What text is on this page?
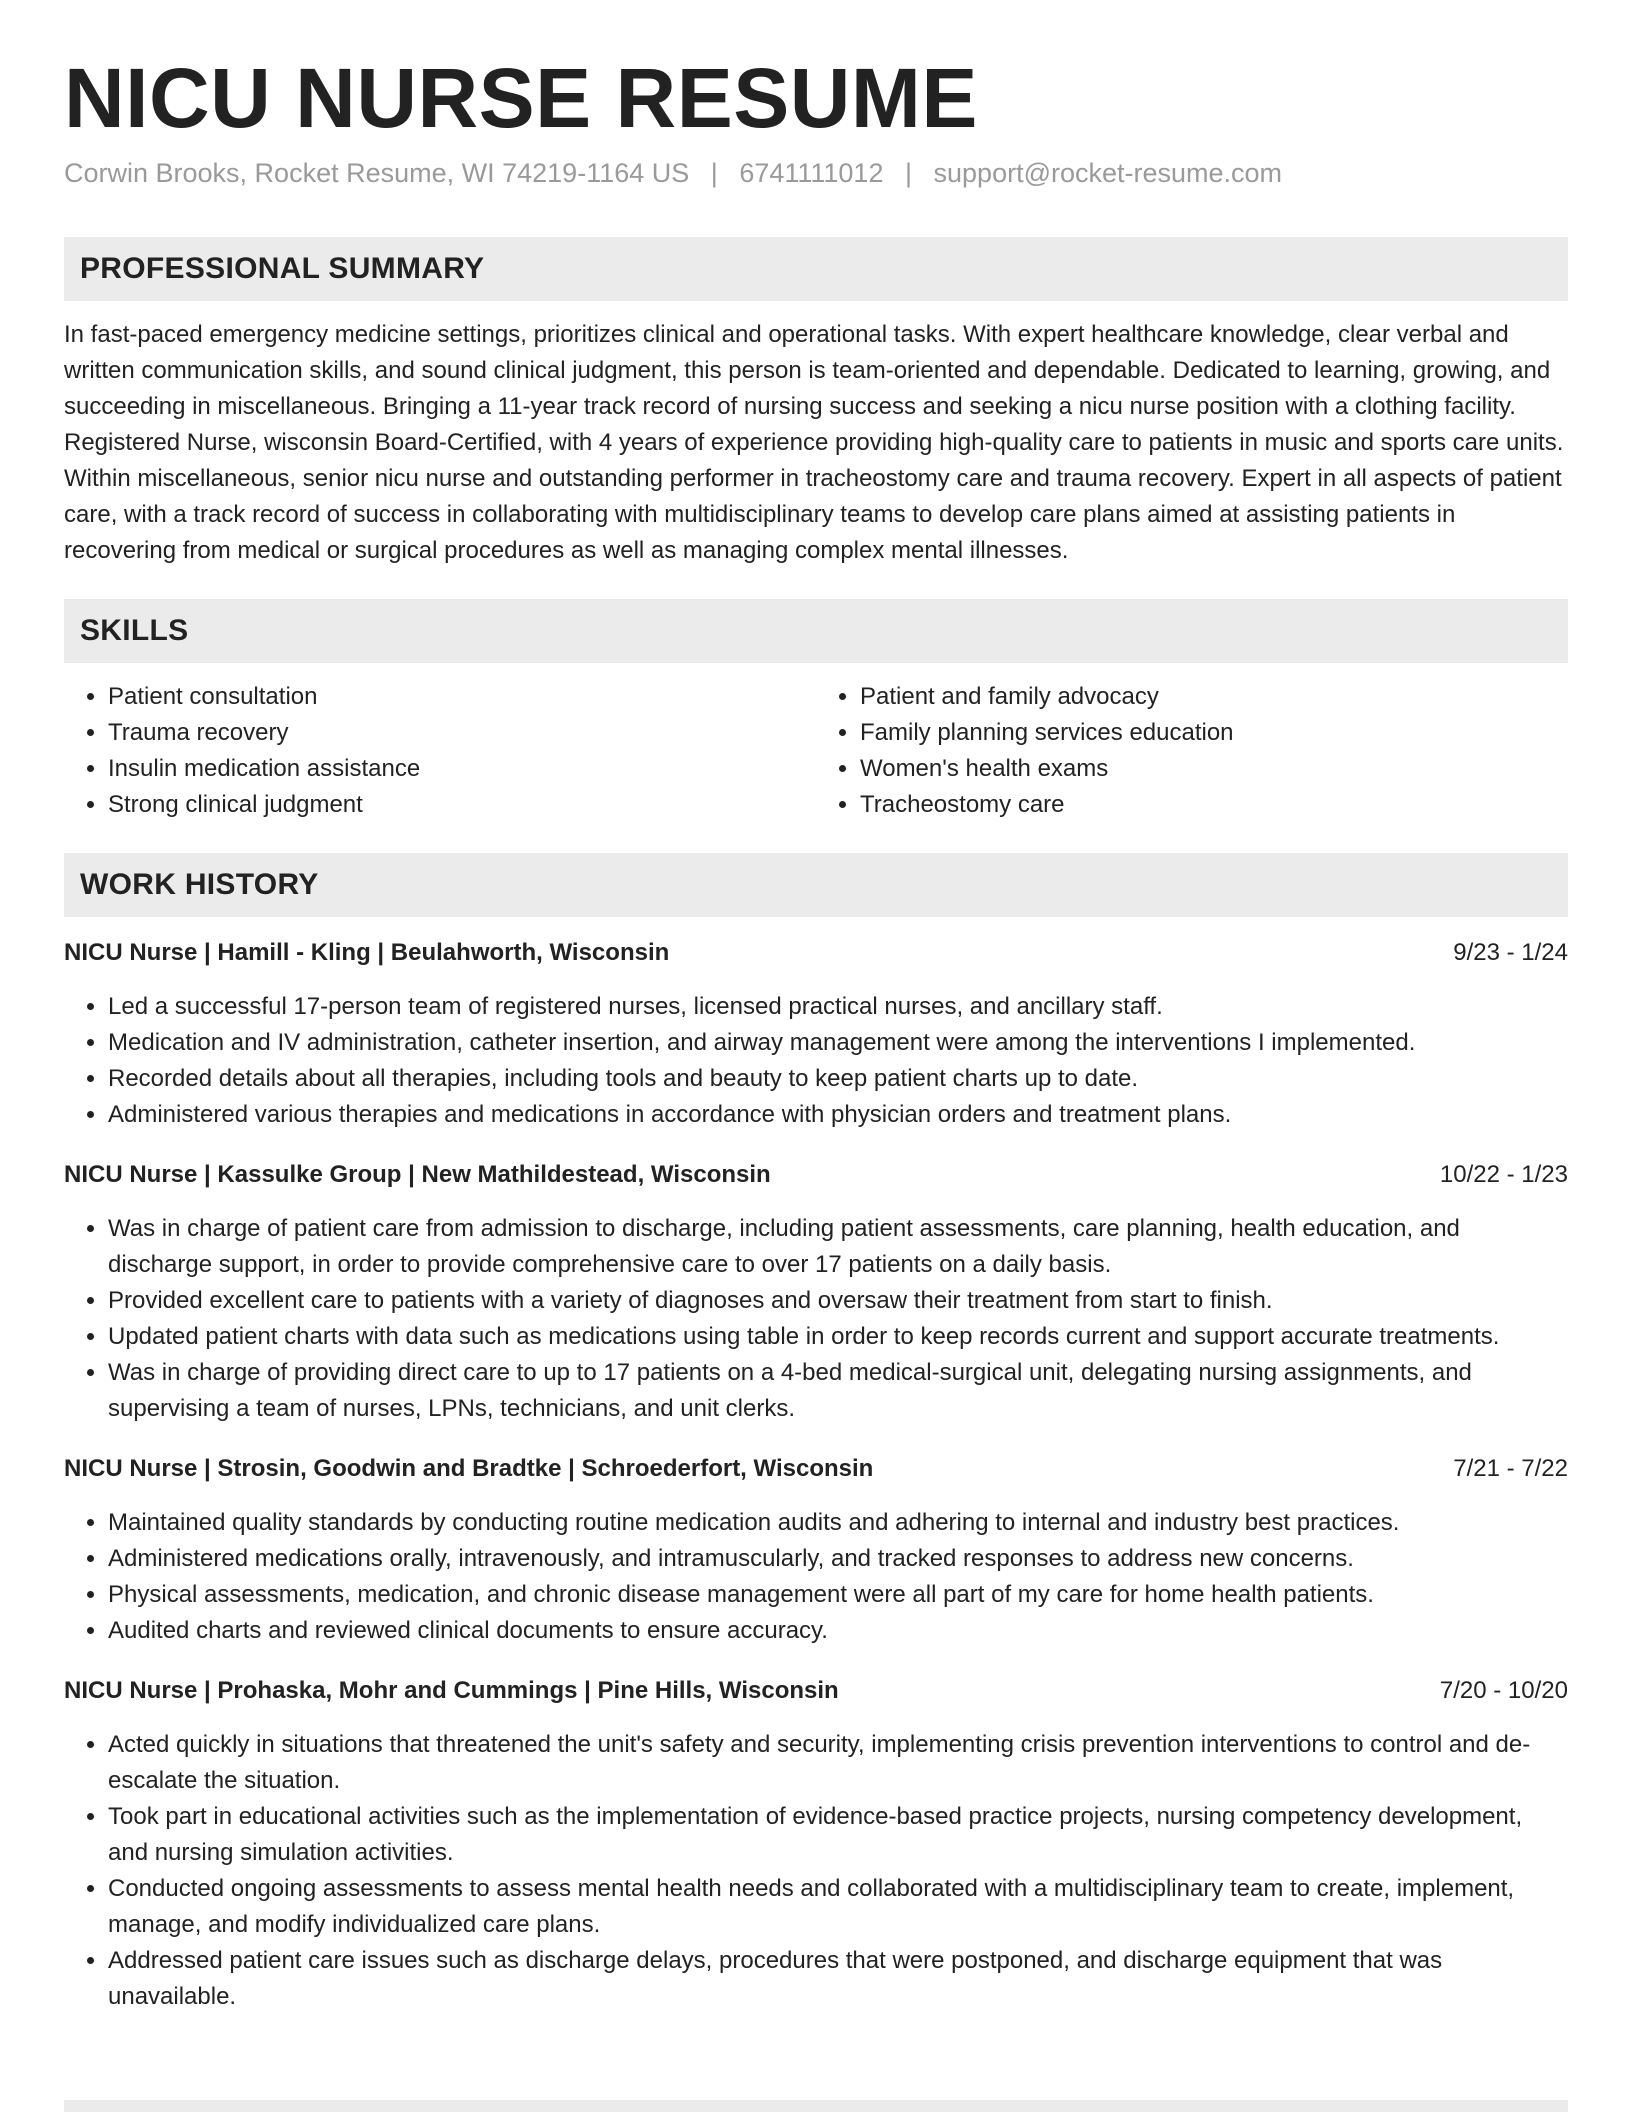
NICU NURSE RESUME
Corwin Brooks, Rocket Resume, WI 74219-1164 US | 6741111012 | support@rocket-resume.com
PROFESSIONAL SUMMARY

In fast-paced emergency medicine settings, prioritizes clinical and operational tasks. With expert healthcare knowledge, clear verbal and written communication skills, and sound clinical judgment, this person is team-oriented and dependable. Dedicated to learning, growing, and succeeding in miscellaneous. Bringing a 11-year track record of nursing success and seeking a nicu nurse position with a clothing facility. Registered Nurse, wisconsin Board-Certified, with 4 years of experience providing high-quality care to patients in music and sports care units. Within miscellaneous, senior nicu nurse and outstanding performer in tracheostomy care and trauma recovery. Expert in all aspects of patient care, with a track record of success in collaborating with multidisciplinary teams to develop care plans aimed at assisting patients in recovering from medical or surgical procedures as well as managing complex mental illnesses.

SKILLS
• Patient consultation
• Trauma recovery
• Insulin medication assistance
• Strong clinical judgment
• Patient and family advocacy
• Family planning services education
• Women's health exams
• Tracheostomy care
WORK HISTORY
NICU Nurse | Hamill - Kling | Beulahworth, Wisconsin	9/23 - 1/24
• Led a successful 17-person team of registered nurses, licensed practical nurses, and ancillary staff.
• Medication and IV administration, catheter insertion, and airway management were among the interventions I implemented.
• Recorded details about all therapies, including tools and beauty to keep patient charts up to date.
• Administered various therapies and medications in accordance with physician orders and treatment plans.
NICU Nurse | Kassulke Group | New Mathildestead, Wisconsin	10/22 - 1/23
• Was in charge of patient care from admission to discharge, including patient assessments, care planning, health education, and discharge support, in order to provide comprehensive care to over 17 patients on a daily basis.
• Provided excellent care to patients with a variety of diagnoses and oversaw their treatment from start to finish.
• Updated patient charts with data such as medications using table in order to keep records current and support accurate treatments.
• Was in charge of providing direct care to up to 17 patients on a 4-bed medical-surgical unit, delegating nursing assignments, and supervising a team of nurses, LPNs, technicians, and unit clerks.
NICU Nurse | Strosin, Goodwin and Bradtke | Schroederfort, Wisconsin	7/21 - 7/22
• Maintained quality standards by conducting routine medication audits and adhering to internal and industry best practices.
• Administered medications orally, intravenously, and intramuscularly, and tracked responses to address new concerns.
• Physical assessments, medication, and chronic disease management were all part of my care for home health patients.
• Audited charts and reviewed clinical documents to ensure accuracy.
NICU Nurse | Prohaska, Mohr and Cummings | Pine Hills, Wisconsin	7/20 - 10/20
• Acted quickly in situations that threatened the unit's safety and security, implementing crisis prevention interventions to control and de-escalate the situation.
• Took part in educational activities such as the implementation of evidence-based practice projects, nursing competency development, and nursing simulation activities.
• Conducted ongoing assessments to assess mental health needs and collaborated with a multidisciplinary team to create, implement, manage, and modify individualized care plans.
• Addressed patient care issues such as discharge delays, procedures that were postponed, and discharge equipment that was unavailable.
